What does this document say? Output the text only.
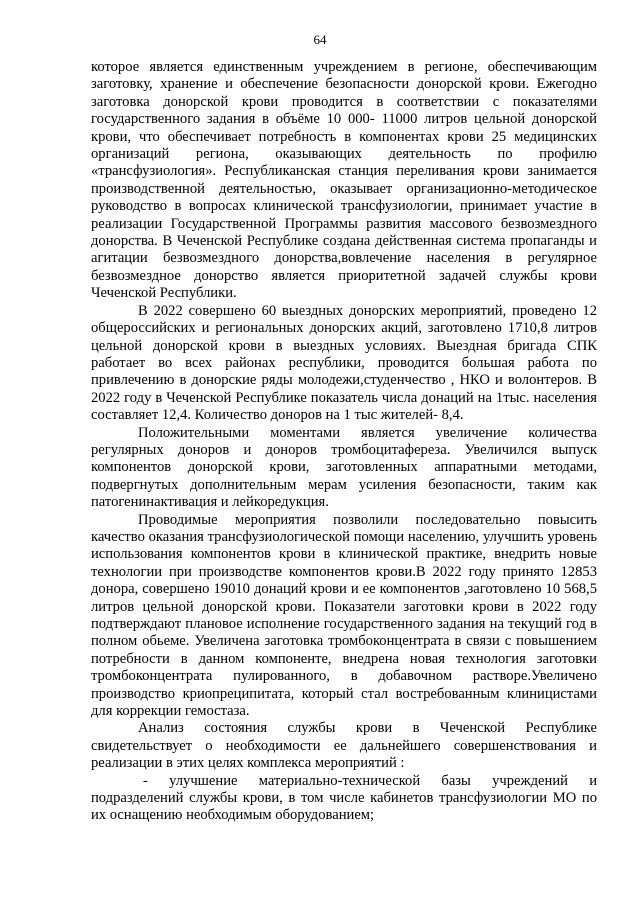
64

которое является единственным учреждением в регионе, обеспечивающим заготовку, хранение и обеспечение безопасности донорской крови. Ежегодно заготовка донорской крови проводится в соответствии с показателями государственного задания в объёме 10 000- 11000 литров цельной донорской крови, что обеспечивает потребность в компонентах крови 25 медицинских организаций региона, оказывающих деятельность по профилю «трансфузиология». Республиканская станция переливания крови занимается производственной деятельностью, оказывает организационно-методическое руководство в вопросах клинической трансфузиологии, принимает участие в реализации Государственной Программы развития массового безвозмездного донорства. В Чеченской Республике создана действенная система пропаганды и агитации безвозмездного донорства,вовлечение населения в регулярное безвозмездное донорство является приоритетной задачей службы крови Чеченской Республики.

В 2022 совершено 60 выездных донорских мероприятий, проведено 12 общероссийских и региональных донорских акций, заготовлено 1710,8 литров цельной донорской крови в выездных условиях. Выездная бригада СПК работает во всех районах республики, проводится большая работа по привлечению в донорские ряды молодежи,студенчество , НКО и волонтеров. В 2022 году в Чеченской Республике показатель числа донаций на 1тыс. населения составляет 12,4. Количество доноров на 1 тыс жителей- 8,4.

Положительными моментами является увеличение количества регулярных доноров и доноров тромбоцитафереза. Увеличился выпуск компонентов донорской крови, заготовленных аппаратными методами, подвергнутых дополнительным мерам усиления безопасности, таким как патогенинактивация и лейкоредукция.

Проводимые мероприятия позволили последовательно повысить качество оказания трансфузиологической помощи населению, улучшить уровень использования компонентов крови в клинической практике, внедрить новые технологии при производстве компонентов крови.В 2022 году принято 12853 донора, совершено 19010 донаций крови и ее компонентов ,заготовлено 10 568,5 литров цельной донорской крови. Показатели заготовки крови в 2022 году подтверждают плановое исполнение государственного задания на текущий год в полном обьеме. Увеличена заготовка тромбоконцентрата в связи с повышением потребности в данном компоненте, внедрена новая технология заготовки тромбоконцентрата пулированного, в добавочном растворе.Увеличено производство криопреципитата, который стал востребованным клиницистами для коррекции гемостаза.

Анализ состояния службы крови в Чеченской Республике свидетельствует о необходимости ее дальнейшего совершенствования и реализации в этих целях комплекса мероприятий :

- улучшение материально-технической базы учреждений и подразделений службы крови, в том числе кабинетов трансфузиологии МО по их оснащению необходимым оборудованием;
